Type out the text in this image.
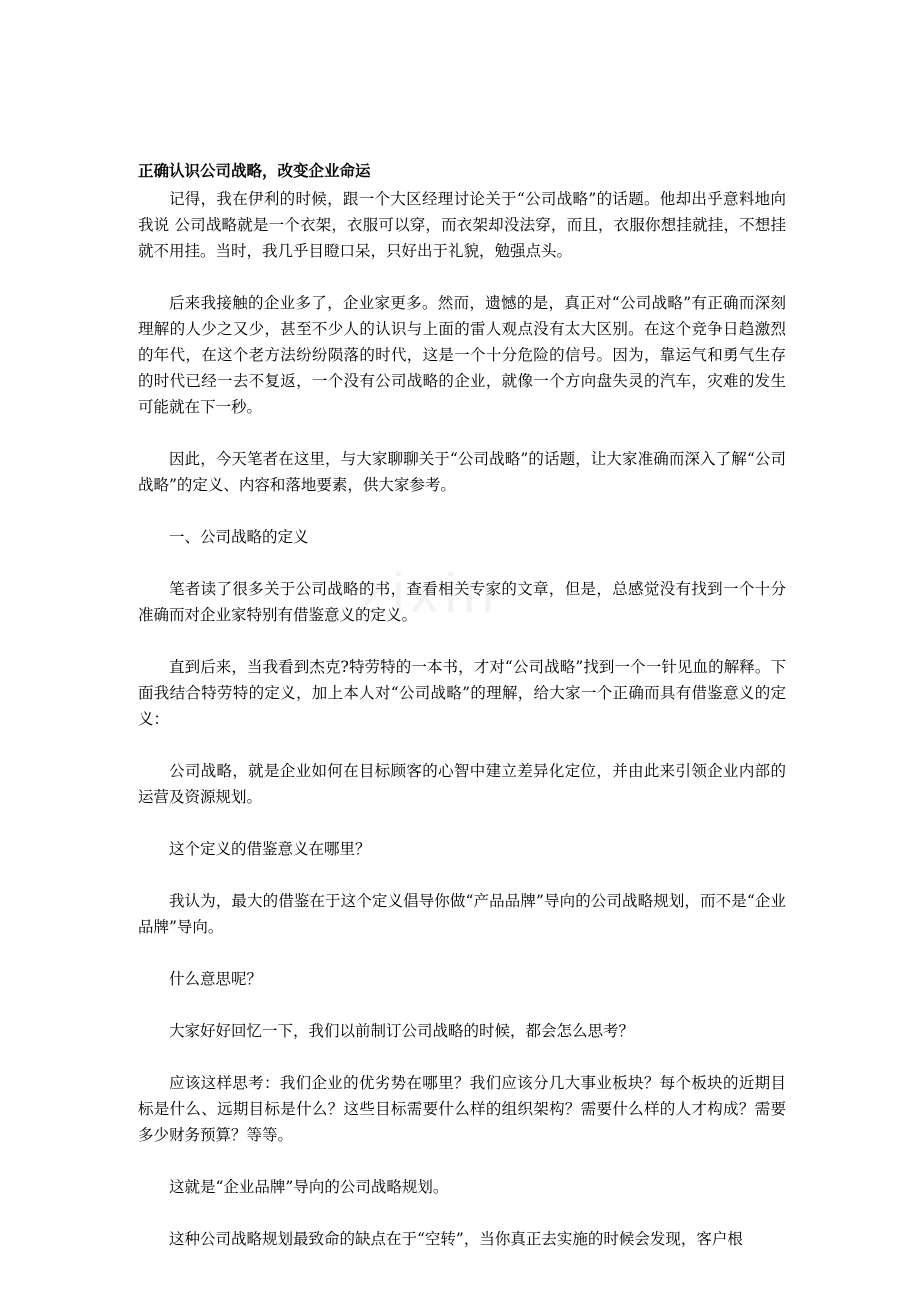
zixin
正确认识公司战略，改变企业命运

记得，我在伊利的时候，跟一个大区经理讨论关于“公司战略”的话题。他却出乎意料地向我说 公司战略就是一个衣架，衣服可以穿，而衣架却没法穿，而且，衣服你想挂就挂，不想挂就不用挂。当时，我几乎目瞪口呆，只好出于礼貌，勉强点头。

后来我接触的企业多了，企业家更多。然而，遗憾的是，真正对“公司战略”有正确而深刻理解的人少之又少，甚至不少人的认识与上面的雷人观点没有太大区别。在这个竞争日趋激烈的年代，在这个老方法纷纷陨落的时代，这是一个十分危险的信号。因为，靠运气和勇气生存的时代已经一去不复返，一个没有公司战略的企业，就像一个方向盘失灵的汽车，灾难的发生可能就在下一秒。

因此，今天笔者在这里，与大家聊聊关于“公司战略”的话题，让大家准确而深入了解“公司战略”的定义、内容和落地要素，供大家参考。

一、公司战略的定义

笔者读了很多关于公司战略的书，查看相关专家的文章，但是，总感觉没有找到一个十分准确而对企业家特别有借鉴意义的定义。

直到后来，当我看到杰克?特劳特的一本书，才对“公司战略”找到一个一针见血的解释。下面我结合特劳特的定义，加上本人对“公司战略”的理解，给大家一个正确而具有借鉴意义的定义：

公司战略，就是企业如何在目标顾客的心智中建立差异化定位，并由此来引领企业内部的运营及资源规划。

这个定义的借鉴意义在哪里？

我认为，最大的借鉴在于这个定义倡导你做“产品品牌”导向的公司战略规划，而不是“企业品牌”导向。

什么意思呢？

大家好好回忆一下，我们以前制订公司战略的时候，都会怎么思考？

应该这样思考：我们企业的优劣势在哪里？我们应该分几大事业板块？每个板块的近期目标是什么、远期目标是什么？这些目标需要什么样的组织架构？需要什么样的人才构成？需要多少财务预算？等等。

这就是“企业品牌”导向的公司战略规划。

这种公司战略规划最致命的缺点在于“空转”，当你真正去实施的时候会发现，客户根
